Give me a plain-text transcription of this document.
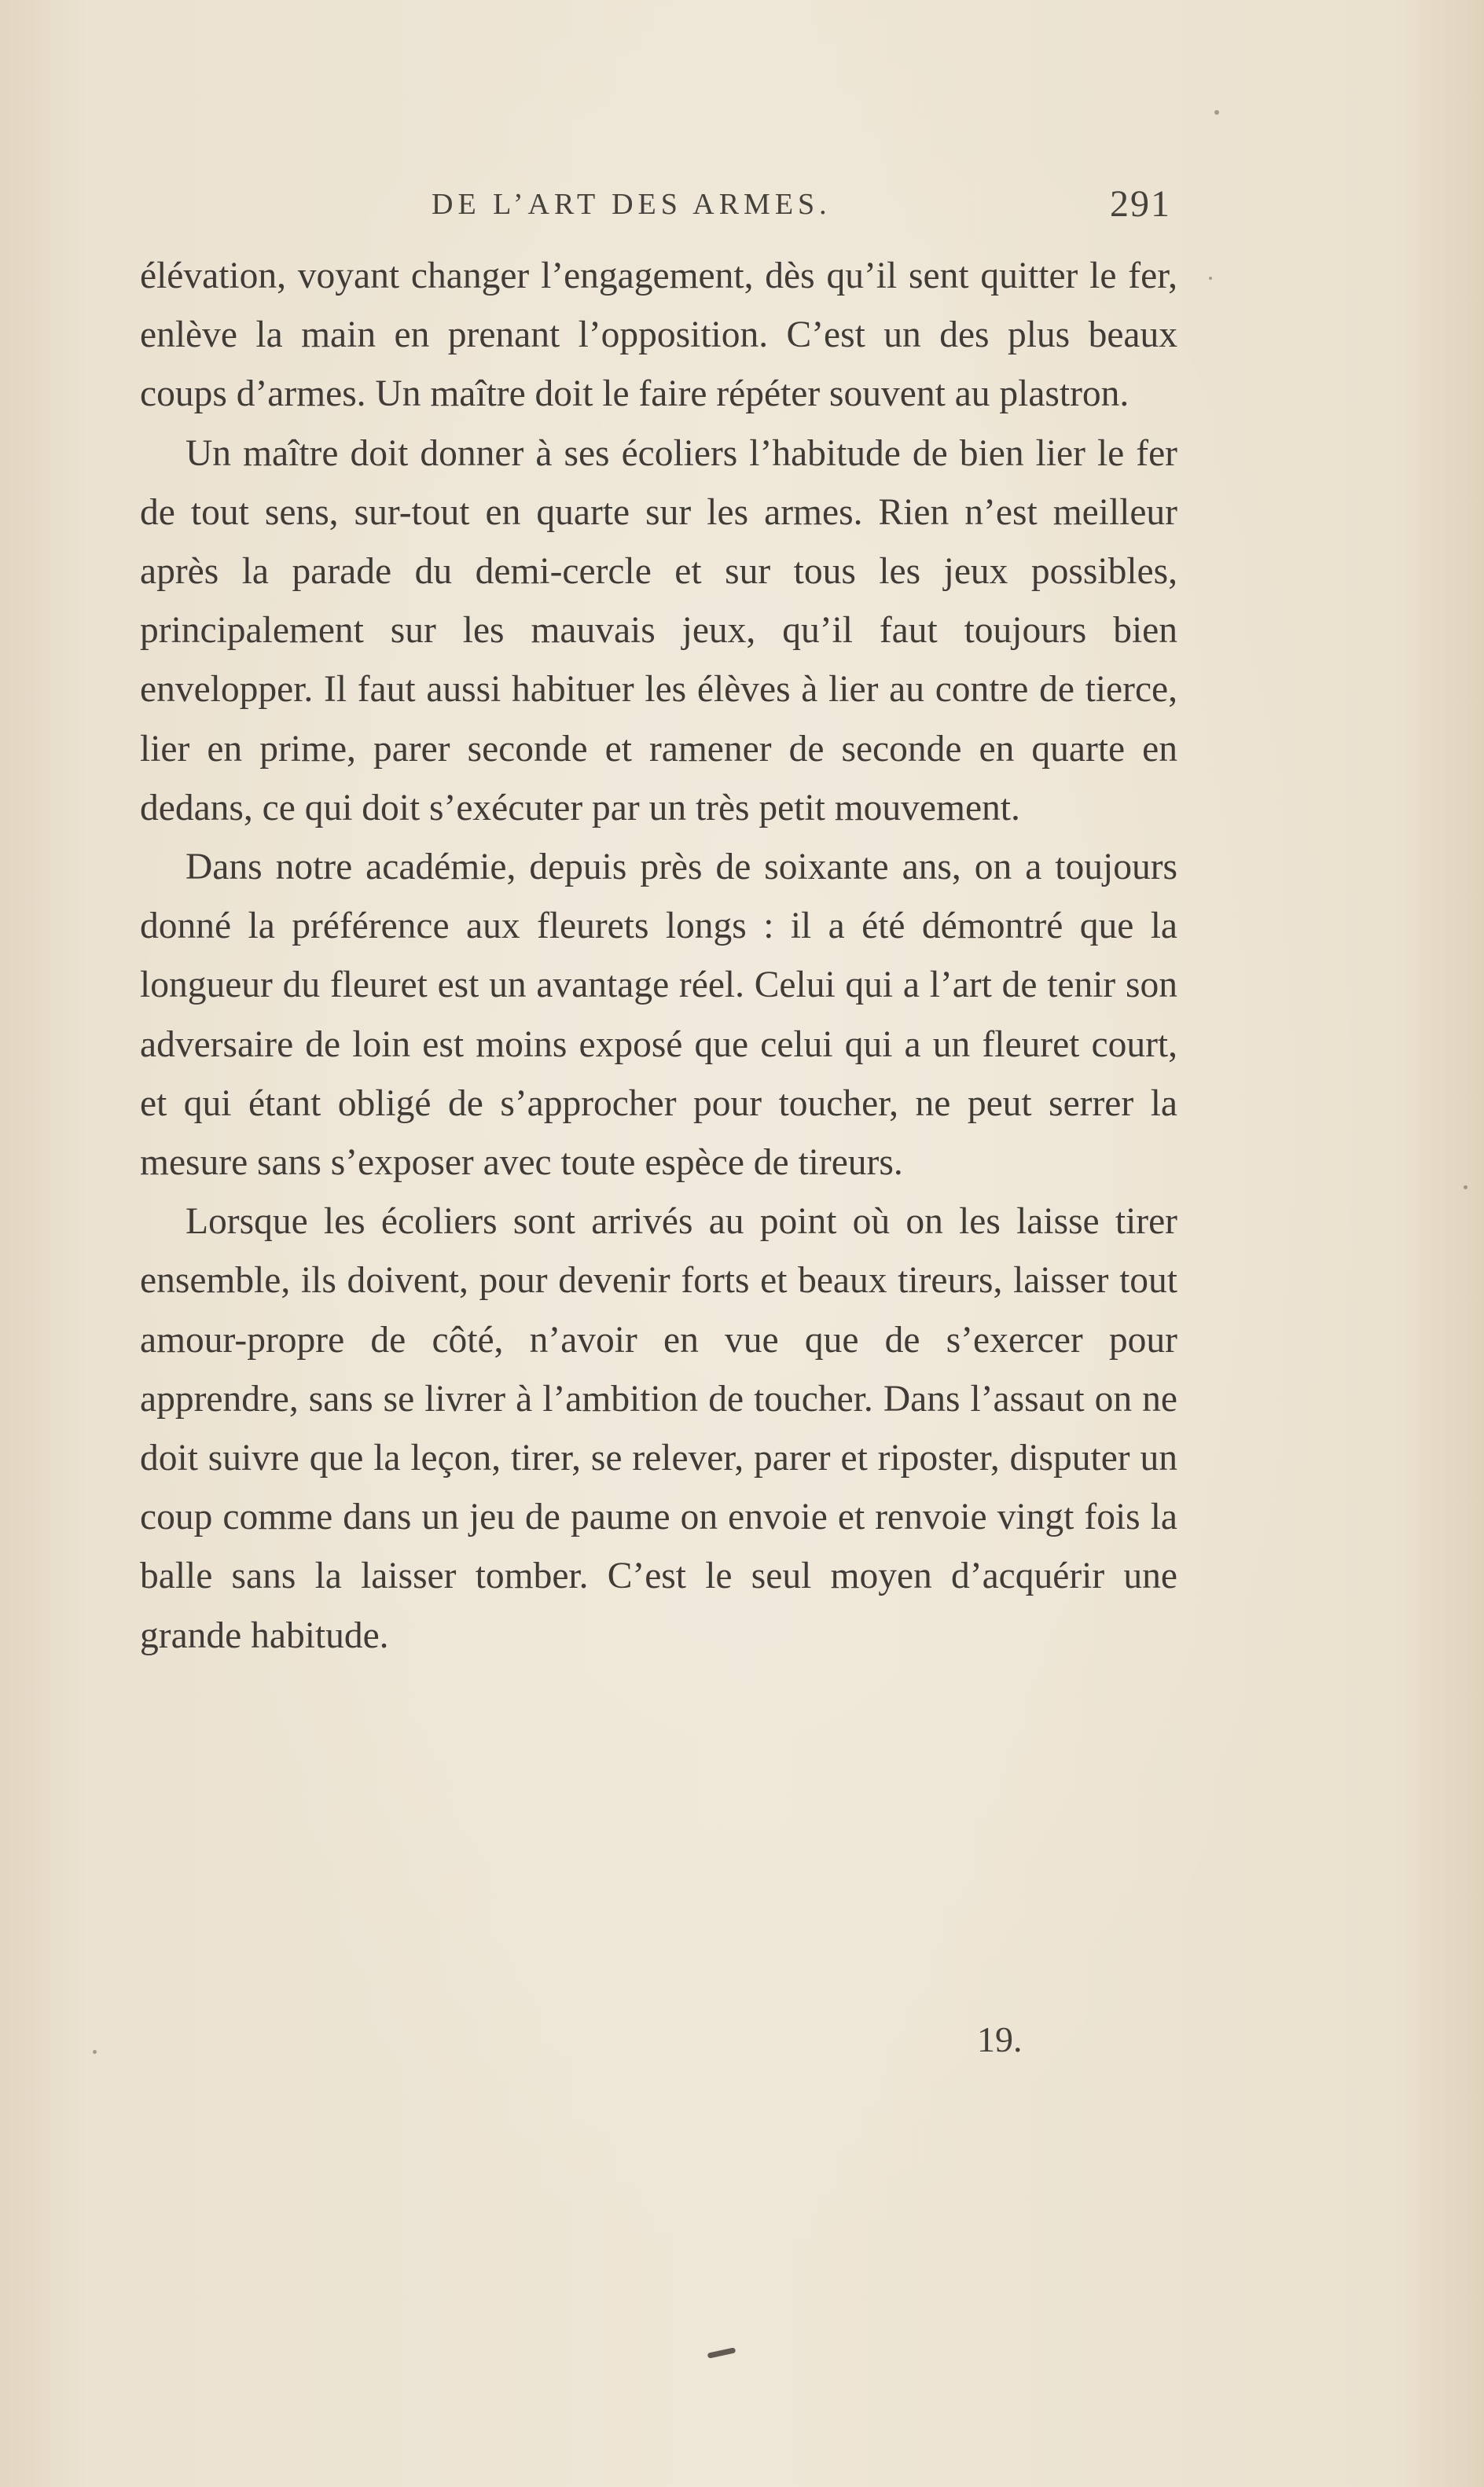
DE L’ART DES ARMES.	291

élévation, voyant changer l’engagement, dès qu’il sent quitter le fer, enlève la main en prenant l’opposition. C’est un des plus beaux coups d’armes. Un maître doit le faire répéter souvent au plastron.

Un maître doit donner à ses écoliers l’habitude de bien lier le fer de tout sens, sur-tout en quarte sur les armes. Rien n’est meilleur après la parade du demi-cercle et sur tous les jeux possibles, principalement sur les mauvais jeux, qu’il faut toujours bien envelopper. Il faut aussi habituer les élèves à lier au contre de tierce, lier en prime, parer seconde et ramener de seconde en quarte en dedans, ce qui doit s’exécuter par un très petit mouvement.

Dans notre académie, depuis près de soixante ans, on a toujours donné la préférence aux fleurets longs : il a été démontré que la longueur du fleuret est un avantage réel. Celui qui a l’art de tenir son adversaire de loin est moins exposé que celui qui a un fleuret court, et qui étant obligé de s’approcher pour toucher, ne peut serrer la mesure sans s’exposer avec toute espèce de tireurs.

Lorsque les écoliers sont arrivés au point où on les laisse tirer ensemble, ils doivent, pour devenir forts et beaux tireurs, laisser tout amour-propre de côté, n’avoir en vue que de s’exercer pour apprendre, sans se livrer à l’ambition de toucher. Dans l’assaut on ne doit suivre que la leçon, tirer, se relever, parer et riposter, disputer un coup comme dans un jeu de paume on envoie et renvoie vingt fois la balle sans la laisser tomber. C’est le seul moyen d’acquérir une grande habitude.

19.
